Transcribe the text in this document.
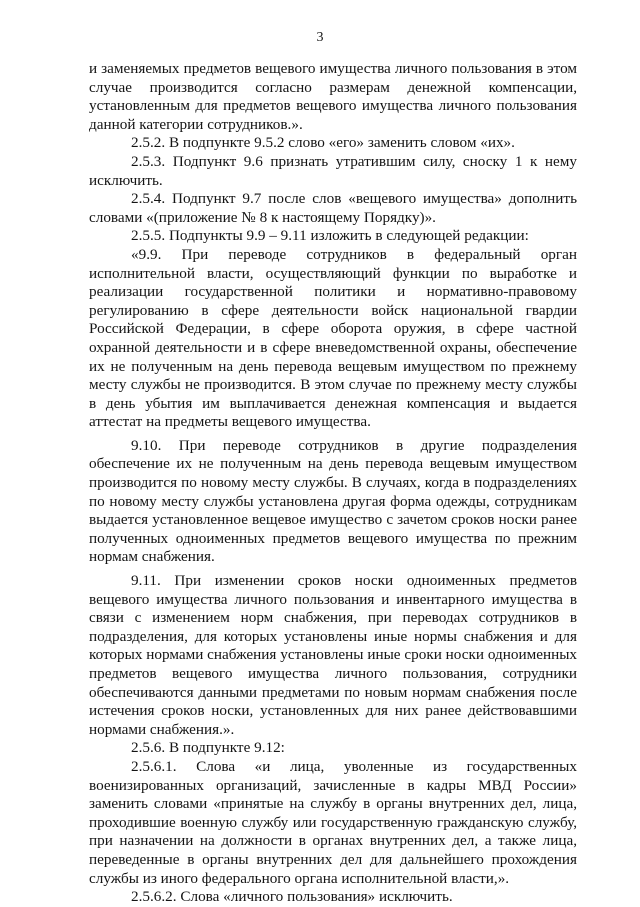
3

и заменяемых предметов вещевого имущества личного пользования в этом случае производится согласно размерам денежной компенсации, установленным для предметов вещевого имущества личного пользования данной категории сотрудников.».

2.5.2. В подпункте 9.5.2 слово «его» заменить словом «их».

2.5.3. Подпункт 9.6 признать утратившим силу, сноску 1 к нему исключить.

2.5.4. Подпункт 9.7 после слов «вещевого имущества» дополнить словами «(приложение № 8 к настоящему Порядку)».

2.5.5. Подпункты 9.9 – 9.11 изложить в следующей редакции:

«9.9. При переводе сотрудников в федеральный орган исполнительной власти, осуществляющий функции по выработке и реализации государственной политики и нормативно-правовому регулированию в сфере деятельности войск национальной гвардии Российской Федерации, в сфере оборота оружия, в сфере частной охранной деятельности и в сфере вневедомственной охраны, обеспечение их не полученным на день перевода вещевым имуществом по прежнему месту службы не производится. В этом случае по прежнему месту службы в день убытия им выплачивается денежная компенсация и выдается аттестат на предметы вещевого имущества.

9.10. При переводе сотрудников в другие подразделения обеспечение их не полученным на день перевода вещевым имуществом производится по новому месту службы. В случаях, когда в подразделениях по новому месту службы установлена другая форма одежды, сотрудникам выдается установленное вещевое имущество с зачетом сроков носки ранее полученных одноименных предметов вещевого имущества по прежним нормам снабжения.

9.11. При изменении сроков носки одноименных предметов вещевого имущества личного пользования и инвентарного имущества в связи с изменением норм снабжения, при переводах сотрудников в подразделения, для которых установлены иные нормы снабжения и для которых нормами снабжения установлены иные сроки носки одноименных предметов вещевого имущества личного пользования, сотрудники обеспечиваются данными предметами по новым нормам снабжения после истечения сроков носки, установленных для них ранее действовавшими нормами снабжения.».

2.5.6. В подпункте 9.12:

2.5.6.1. Слова «и лица, уволенные из государственных военизированных организаций, зачисленные в кадры МВД России» заменить словами «принятые на службу в органы внутренних дел, лица, проходившие военную службу или государственную гражданскую службу, при назначении на должности в органах внутренних дел, а также лица, переведенные в органы внутренних дел для дальнейшего прохождения службы из иного федерального органа исполнительной власти,».

2.5.6.2. Слова «личного пользования» исключить.
